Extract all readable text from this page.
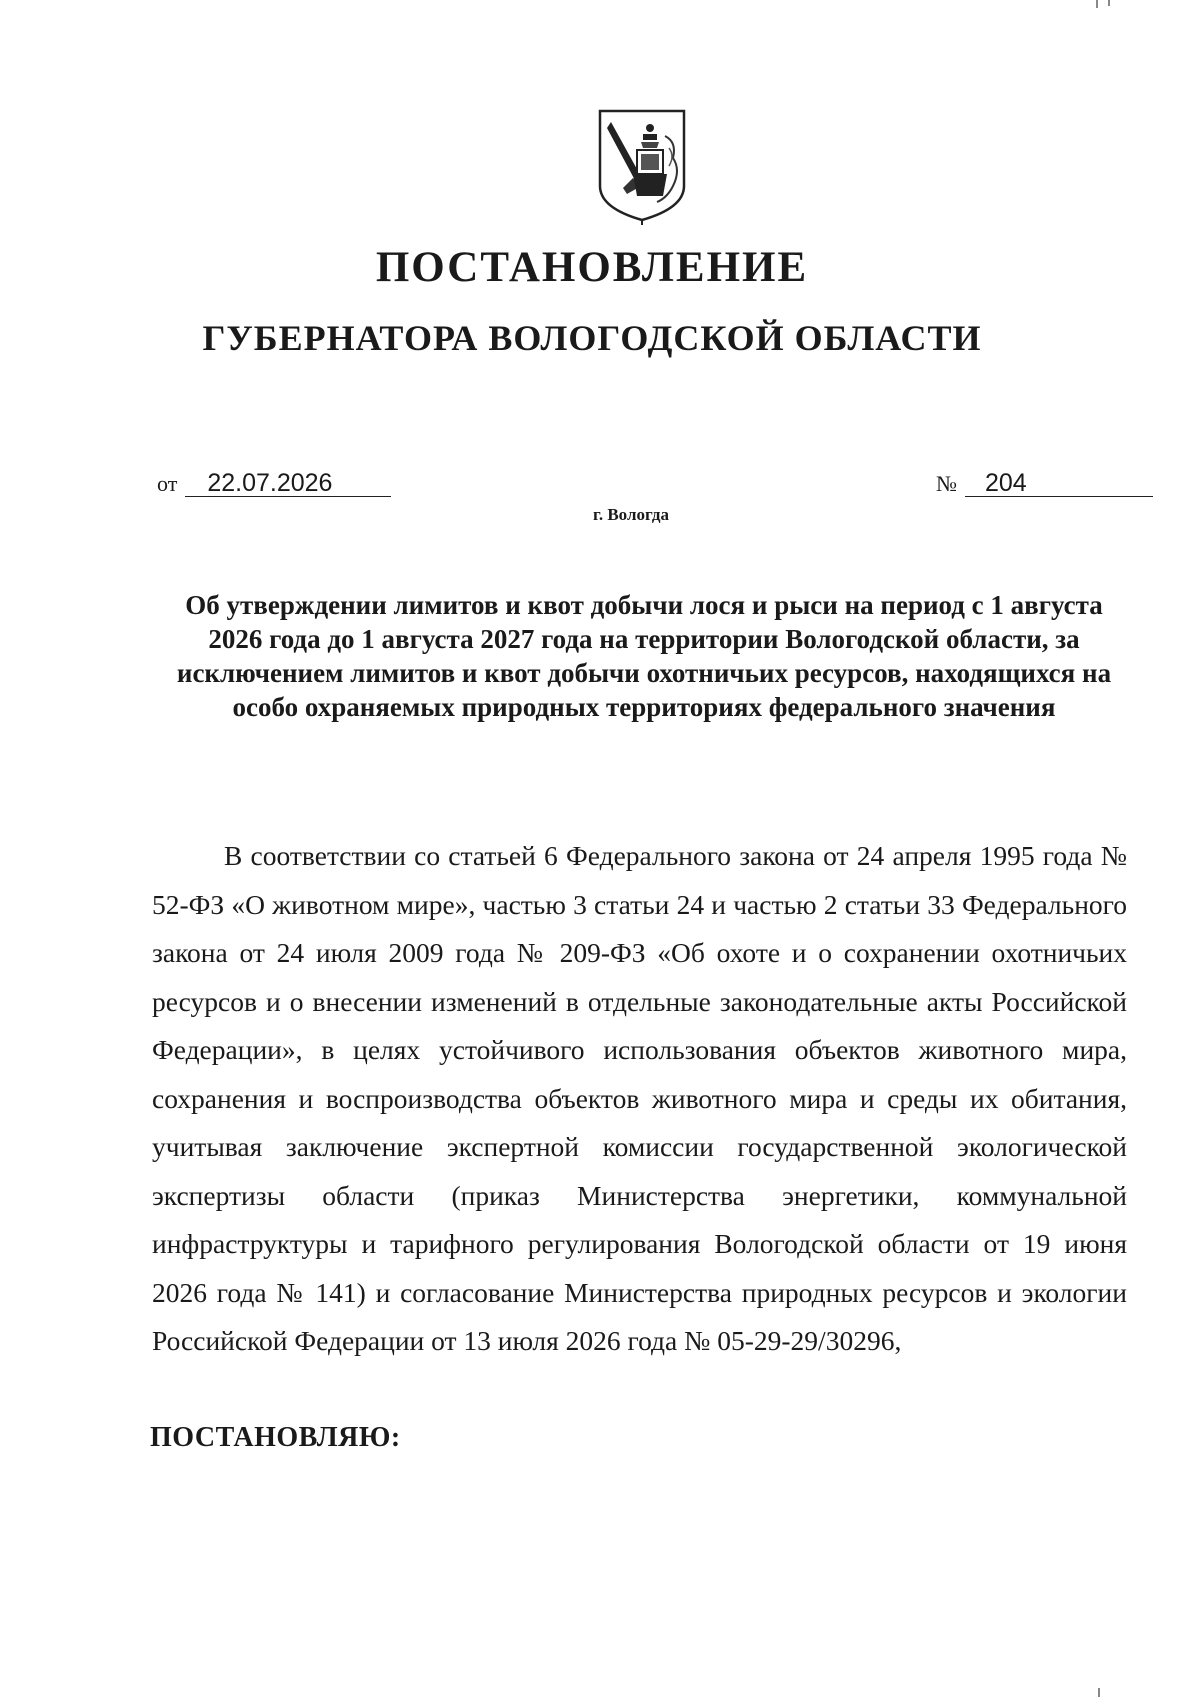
ПОСТАНОВЛЕНИЕ
ГУБЕРНАТОРА ВОЛОГОДСКОЙ ОБЛАСТИ
от 22.07.2026	№ 204
г. Вологда

Об утверждении лимитов и квот добычи лося и рыси на период с 1 августа 2026 года до 1 августа 2027 года на территории Вологодской области, за исключением лимитов и квот добычи охотничьих ресурсов, находящихся на особо охраняемых природных территориях федерального значения

В соответствии со статьей 6 Федерального закона от 24 апреля 1995 года № 52-ФЗ «О животном мире», частью 3 статьи 24 и частью 2 статьи 33 Федерального закона от 24 июля 2009 года № 209-ФЗ «Об охоте и о сохранении охотничьих ресурсов и о внесении изменений в отдельные законодательные акты Российской Федерации», в целях устойчивого использования объектов животного мира, сохранения и воспроизводства объектов животного мира и среды их обитания, учитывая заключение экспертной комиссии государственной экологической экспертизы области (приказ Министерства энергетики, коммунальной инфраструктуры и тарифного регулирования Вологодской области от 19 июня 2026 года № 141) и согласование Министерства природных ресурсов и экологии Российской Федерации от 13 июля 2026 года № 05-29-29/30296,

ПОСТАНОВЛЯЮ:
